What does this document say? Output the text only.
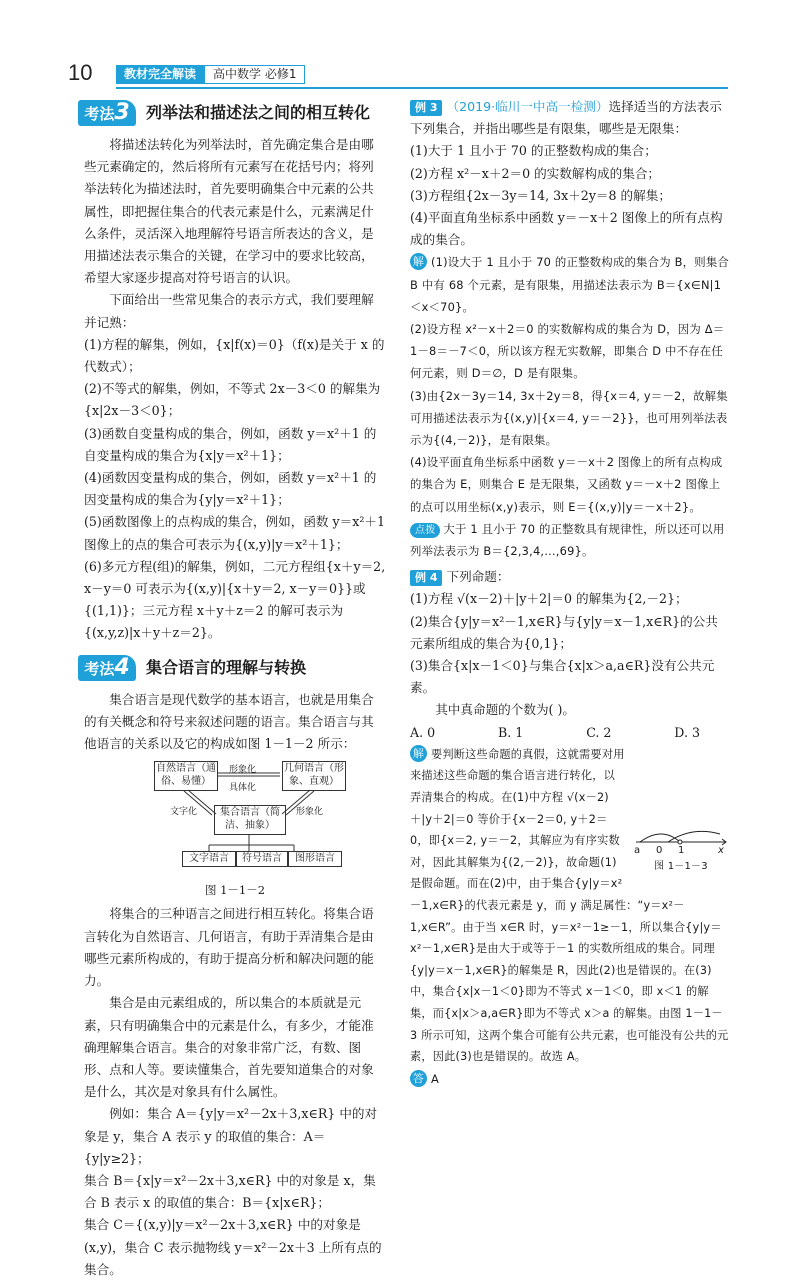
10	教材完全解读	高中数学 必修1
考法3	列举法和描述法之间的相互转化

将描述法转化为列举法时，首先确定集合是由哪些元素确定的，然后将所有元素写在花括号内；将列举法转化为描述法时，首先要明确集合中元素的公共属性，即把握住集合的代表元素是什么，元素满足什么条件，灵活深入地理解符号语言所表达的含义，是用描述法表示集合的关键，在学习中的要求比较高，希望大家逐步提高对符号语言的认识。

下面给出一些常见集合的表示方式，我们要理解并记熟：

(1)方程的解集，例如，{x|f(x)＝0}（f(x)是关于 x 的代数式）；

(2)不等式的解集，例如，不等式 2x－3＜0 的解集为{x|2x－3＜0}；

(3)函数自变量构成的集合，例如，函数 y＝x²＋1 的自变量构成的集合为{x|y＝x²＋1}；

(4)函数因变量构成的集合，例如，函数 y＝x²＋1 的因变量构成的集合为{y|y＝x²＋1}；

(5)函数图像上的点构成的集合，例如，函数 y＝x²＋1 图像上的点的集合可表示为{(x,y)|y＝x²＋1}；

(6)多元方程(组)的解集，例如，二元方程组{x＋y＝2, x－y＝0 可表示为{(x,y)|{x＋y＝2, x－y＝0}}或{(1,1)}；三元方程 x＋y＋z＝2 的解可表示为{(x,y,z)|x＋y＋z＝2}。

考法4	集合语言的理解与转换

集合语言是现代数学的基本语言，也就是用集合的有关概念和符号来叙述问题的语言。集合语言与其他语言的关系以及它的构成如图 1－1－2 所示：

自然语言（通俗、易懂）
几何语言（形象、直观）
集合语言（简洁、抽象）
形象化
具体化
文字化	形象化
文字语言	符号语言	图形语言
图 1－1－2

将集合的三种语言之间进行相互转化。将集合语言转化为自然语言、几何语言，有助于弄清集合是由哪些元素所构成的，有助于提高分析和解决问题的能力。

集合是由元素组成的，所以集合的本质就是元素，只有明确集合中的元素是什么，有多少，才能准确理解集合语言。集合的对象非常广泛，有数、图形、点和人等。要读懂集合，首先要知道集合的对象是什么，其次是对象具有什么属性。

例如：集合 A＝{y|y＝x²－2x＋3,x∈R} 中的对象是 y，集合 A 表示 y 的取值的集合：A＝{y|y≥2}；

集合 B＝{x|y＝x²－2x＋3,x∈R} 中的对象是 x，集合 B 表示 x 的取值的集合：B＝{x|x∈R}；

集合 C＝{(x,y)|y＝x²－2x＋3,x∈R} 中的对象是(x,y)，集合 C 表示抛物线 y＝x²－2x＋3 上所有点的集合。

例 3 （2019·临川一中高一检测）选择适当的方法表示下列集合，并指出哪些是有限集，哪些是无限集：

(1)大于 1 且小于 70 的正整数构成的集合；

(2)方程 x²－x＋2＝0 的实数解构成的集合；

(3)方程组{2x－3y＝14, 3x＋2y＝8 的解集；

(4)平面直角坐标系中函数 y＝－x＋2 图像上的所有点构成的集合。

解 (1)设大于 1 且小于 70 的正整数构成的集合为 B，则集合 B 中有 68 个元素，是有限集，用描述法表示为 B＝{x∈N|1＜x＜70}。

(2)设方程 x²－x＋2＝0 的实数解构成的集合为 D，因为 Δ＝1－8＝－7＜0，所以该方程无实数解，即集合 D 中不存在任何元素，则 D＝∅，D 是有限集。

(3)由{2x－3y＝14, 3x＋2y＝8，得{x＝4, y＝－2，故解集可用描述法表示为{(x,y)|{x＝4, y＝－2}}，也可用列举法表示为{(4,－2)}，是有限集。

(4)设平面直角坐标系中函数 y＝－x＋2 图像上的所有点构成的集合为 E，则集合 E 是无限集，又函数 y＝－x＋2 图像上的点可以用坐标(x,y)表示，则 E＝{(x,y)|y＝－x＋2}。

点拨 大于 1 且小于 70 的正整数具有规律性，所以还可以用列举法表示为 B＝{2,3,4,…,69}。

例 4 下列命题：

(1)方程 √(x－2)＋|y＋2|＝0 的解集为{2,－2}；

(2)集合{y|y＝x²－1,x∈R}与{y|y＝x－1,x∈R}的公共元素所组成的集合为{0,1}；

(3)集合{x|x－1＜0}与集合{x|x＞a,a∈R}没有公共元素。

其中真命题的个数为( )。

A. 0	B. 1	C. 2	D. 3
a 0 1	x
图 1－1－3

解 要判断这些命题的真假，这就需要对用来描述这些命题的集合语言进行转化，以弄清集合的构成。在(1)中方程 √(x－2)＋|y＋2|＝0 等价于{x－2＝0, y＋2＝0，即{x＝2, y＝－2，其解应为有序实数对，因此其解集为{(2,－2)}，故命题(1)是假命题。而在(2)中，由于集合{y|y＝x²－1,x∈R}的代表元素是 y，而 y 满足属性：“y＝x²－1,x∈R”。由于当 x∈R 时，y＝x²－1≥－1，所以集合{y|y＝x²－1,x∈R}是由大于或等于－1 的实数所组成的集合。同理{y|y＝x－1,x∈R}的解集是 R，因此(2)也是错误的。在(3)中，集合{x|x－1＜0}即为不等式 x－1＜0，即 x＜1 的解集，而{x|x＞a,a∈R}即为不等式 x＞a 的解集。由图 1－1－3 所示可知，这两个集合可能有公共元素，也可能没有公共的元素，因此(3)也是错误的。故选 A。

答 A
